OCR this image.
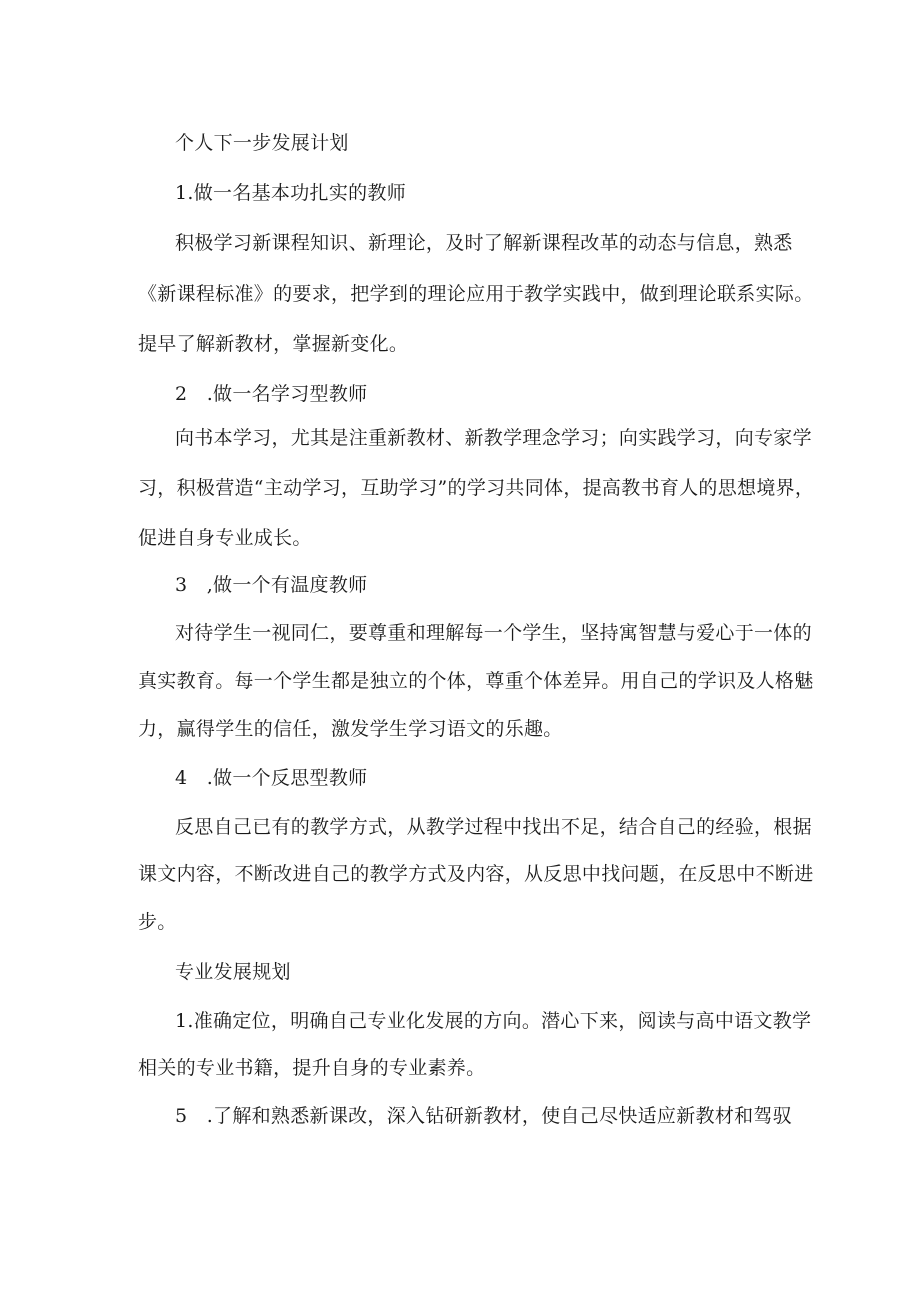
个人下一步发展计划
1.做一名基本功扎实的教师
积极学习新课程知识、新理论，及时了解新课程改革的动态与信息，熟悉
《新课程标准》的要求，把学到的理论应用于教学实践中，做到理论联系实际。
提早了解新教材，掌握新变化。
2　.做一名学习型教师
向书本学习，尤其是注重新教材、新教学理念学习；向实践学习，向专家学
习，积极营造“主动学习，互助学习”的学习共同体，提高教书育人的思想境界，
促进自身专业成长。
3　,做一个有温度教师
对待学生一视同仁，要尊重和理解每一个学生，坚持寓智慧与爱心于一体的
真实教育。每一个学生都是独立的个体，尊重个体差异。用自己的学识及人格魅
力，赢得学生的信任，激发学生学习语文的乐趣。
4　.做一个反思型教师
反思自己已有的教学方式，从教学过程中找出不足，结合自己的经验，根据
课文内容，不断改进自己的教学方式及内容，从反思中找问题，在反思中不断进
步。
专业发展规划
1.准确定位，明确自己专业化发展的方向。潜心下来，阅读与高中语文教学
相关的专业书籍，提升自身的专业素养。
5　.了解和熟悉新课改，深入钻研新教材，使自己尽快适应新教材和驾驭
